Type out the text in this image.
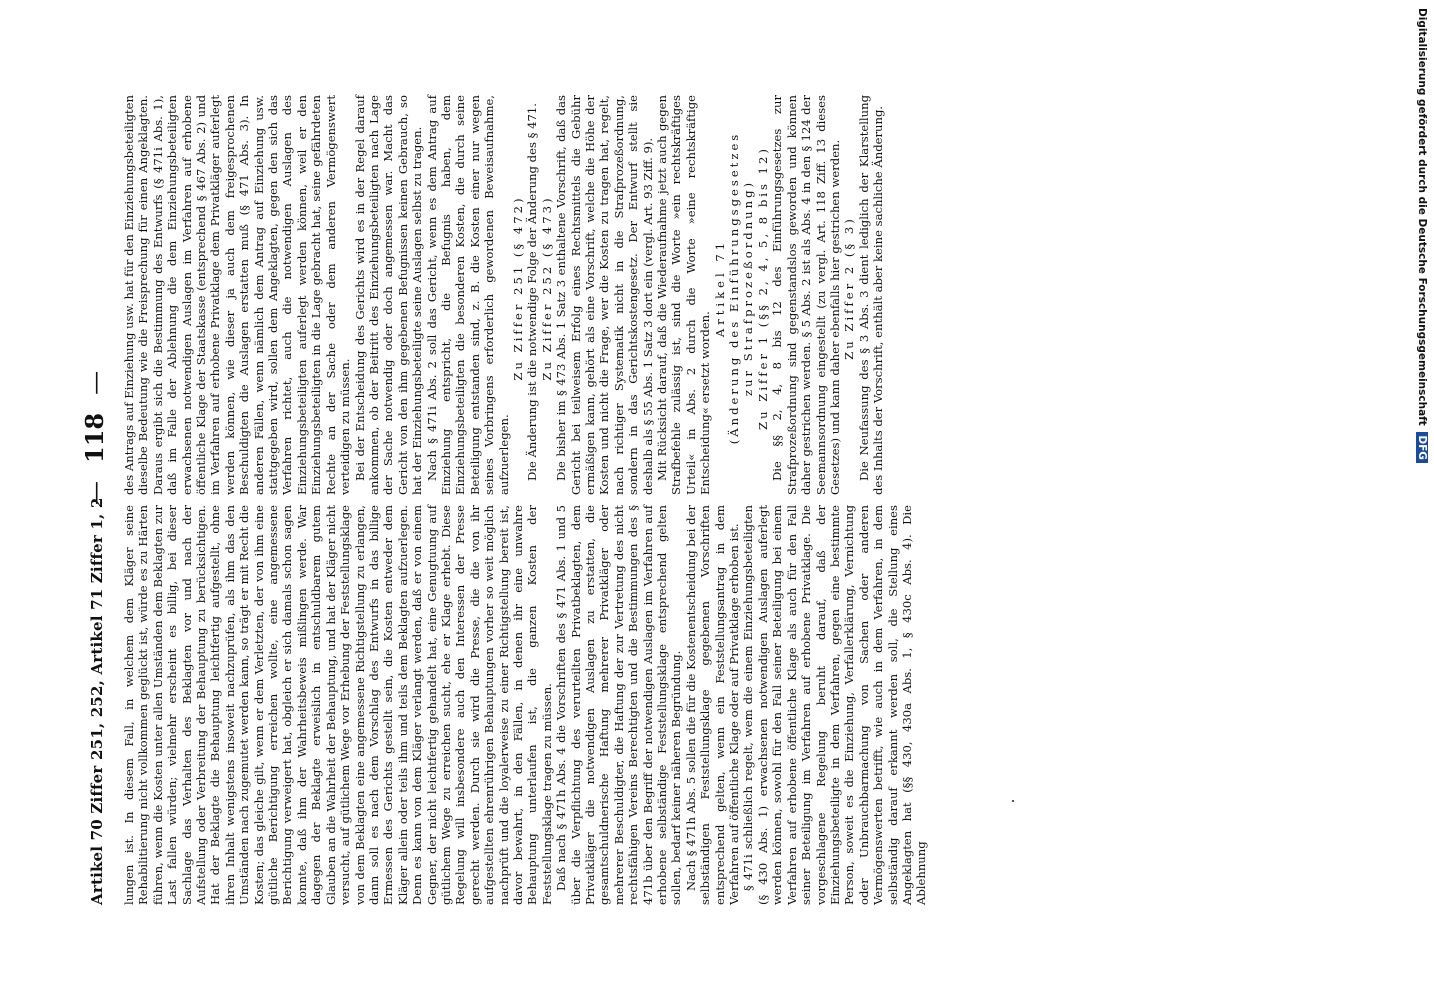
Artikel 70 Ziffer 251, 252, Artikel 71 Ziffer 1, 2
— 118 —

lungen ist. In diesem Fall, in welchem dem Kläger seine Rehabilitierung nicht vollkommen geglückt ist, würde es zu Härten führen, wenn die Kosten unter allen Umständen dem Beklagten zur Last fallen würden; vielmehr erscheint es billig, bei dieser Sachlage das Verhalten des Beklagten vor und nach der Aufstellung oder Verbreitung der Behauptung zu berücksichtigen. Hat der Beklagte die Behauptung leichtfertig aufgestellt, ohne ihren Inhalt wenigstens insoweit nachzuprüfen, als ihm das den Umständen nach zugemutet werden kann, so trägt er mit Recht die Kosten; das gleiche gilt, wenn er dem Verletzten, der von ihm eine gütliche Berichtigung erreichen wollte, eine angemessene Berichtigung verweigert hat, obgleich er sich damals schon sagen konnte, daß ihm der Wahrheitsbeweis mißlingen werde. War dagegen der Beklagte erweislich in entschuldbarem gutem Glauben an die Wahrheit der Behauptung, und hat der Kläger nicht versucht, auf gütlichem Wege vor Erhebung der Feststellungsklage von dem Beklagten eine angemessene Richtigstellung zu erlangen, dann soll es nach dem Vorschlag des Entwurfs in das billige Ermessen des Gerichts gestellt sein, die Kosten entweder dem Kläger allein oder teils ihm und teils dem Beklagten aufzuerlegen. Denn es kann von dem Kläger verlangt werden, daß er von einem Gegner, der nicht leichtfertig gehandelt hat, eine Genugtuung auf gütlichem Wege zu erreichen sucht, ehe er Klage erhebt. Diese Regelung will insbesondere auch den Interessen der Presse gerecht werden. Durch sie wird die Presse, die die von ihr aufgestellten ehrenrührigen Behauptungen vorher so weit möglich nachprüft und die loyalerweise zu einer Richtigstellung bereit ist, davor bewahrt, in den Fällen, in denen ihr eine unwahre Behauptung unterlaufen ist, die ganzen Kosten der Feststellungsklage tragen zu müssen. Daß nach § 471h Abs. 4 die Vorschriften des § 471 Abs. 1 und 5 über die Verpflichtung des verurteilten Privatbeklagten, dem Privatkläger die notwendigen Auslagen zu erstatten, die gesamtschuldnerische Haftung mehrerer Privatkläger oder mehrerer Beschuldigter, die Haftung der zur Vertretung des nicht rechtsfähigen Vereins Berechtigten und die Bestimmungen des § 471b über den Begriff der notwendigen Auslagen im Verfahren auf erhobene selbständige Feststellungsklage entsprechend gelten sollen, bedarf keiner näheren Begründung. Nach § 471h Abs. 5 sollen die für die Kostenentscheidung bei der selbständigen Feststellungsklage gegebenen Vorschriften entsprechend gelten, wenn ein Feststellungsantrag in dem Verfahren auf öffentliche Klage oder auf Privatklage erhoben ist. § 471i schließlich regelt, wem die einem Einziehungsbeteiligten (§ 430 Abs. 1) erwachsenen notwendigen Auslagen auferlegt werden können, sowohl für den Fall seiner Beteiligung bei einem Verfahren auf erhobene öffentliche Klage als auch für den Fall seiner Beteiligung im Verfahren auf erhobene Privatklage. Die vorgeschlagene Regelung beruht darauf, daß der Einziehungsbeteiligte in dem Verfahren, gegen eine bestimmte Person, soweit es die Einziehung, Verfallerklärung, Vernichtung oder Unbrauchbarmachung von Sachen oder anderen Vermögenswerten betrifft, wie auch in dem Verfahren, in dem selbständig darauf erkannt werden soll, die Stellung eines Angeklagten hat (§§ 430, 430a Abs. 1, § 430c Abs. 4). Die Ablehnung

des Antrags auf Einziehung usw. hat für den Einziehungsbeteiligten dieselbe Bedeutung wie die Freisprechung für einen Angeklagten. Daraus ergibt sich die Bestimmung des Entwurfs (§ 471i Abs. 1), daß im Falle der Ablehnung die dem Einziehungsbeteiligten erwachsenen notwendigen Auslagen im Verfahren auf erhobene öffentliche Klage der Staatskasse (entsprechend § 467 Abs. 2) und im Verfahren auf erhobene Privatklage dem Privatkläger auferlegt werden können, wie dieser ja auch dem freigesprochenen Beschuldigten die Auslagen erstatten muß (§ 471 Abs. 3). In anderen Fällen, wenn nämlich dem Antrag auf Einziehung usw. stattgegeben wird, sollen dem Angeklagten, gegen den sich das Verfahren richtet, auch die notwendigen Auslagen des Einziehungsbeteiligten auferlegt werden können, weil er den Einziehungsbeteiligten in die Lage gebracht hat, seine gefährdeten Rechte an der Sache oder dem anderen Vermögenswert verteidigen zu müssen. Bei der Entscheidung des Gerichts wird es in der Regel darauf ankommen, ob der Beitritt des Einziehungsbeteiligten nach Lage der Sache notwendig oder doch angemessen war. Macht das Gericht von den ihm gegebenen Befugnissen keinen Gebrauch, so hat der Einziehungsbeteiligte seine Auslagen selbst zu tragen. Nach § 471i Abs. 2 soll das Gericht, wenn es dem Antrag auf Einziehung entspricht, die Befugnis haben, dem Einziehungsbeteiligten die besonderen Kosten, die durch seine Beteiligung entstanden sind, z. B. die Kosten einer nur wegen seines Vorbringens erforderlich gewordenen Beweisaufnahme, aufzuerlegen.

Zu Ziffer 251 (§ 472) Die Änderung ist die notwendige Folge der Änderung des § 471. Zu Ziffer 252 (§ 473) Die bisher im § 473 Abs. 1 Satz 3 enthaltene Vorschrift, daß das Gericht bei teilweisem Erfolg eines Rechtsmittels die Gebühr ermäßigen kann, gehört als eine Vorschrift, welche die Höhe der Kosten und nicht die Frage, wer die Kosten zu tragen hat, regelt, nach richtiger Systematik nicht in die Strafprozeßordnung, sondern in das Gerichtskostengesetz. Der Entwurf stellt sie deshalb als § 55 Abs. 1 Satz 3 dort ein (vergl. Art. 93 Ziff. 9). Mit Rücksicht darauf, daß die Wiederaufnahme jetzt auch gegen Strafbefehle zulässig ist, sind die Worte »ein rechtskräftiges Urteil« in Abs. 2 durch die Worte »eine rechtskräftige Entscheidung« ersetzt worden.

Artikel 71 (Änderung des Einführungsgesetzes zur Strafprozeßordnung) Zu Ziffer 1 (§§ 2, 4, 5, 8 bis 12) Die §§ 2, 4, 8 bis 12 des Einführungsgesetzes zur Strafprozeßordnung sind gegenstandslos geworden und können daher gestrichen werden. § 5 Abs. 2 ist als Abs. 4 in den § 124 der Seemannsordnung eingestellt (zu vergl. Art. 118 Ziff. 13 dieses Gesetzes) und kann daher ebenfalls hier gestrichen werden. Zu Ziffer 2 (§ 3) Die Neufassung des § 3 Abs. 3 dient lediglich der Klarstellung des Inhalts der Vorschrift, enthält aber keine sachliche Änderung.	Digitalisierung gefördert durch die Deutsche Forschungsgemeinschaft DFG
